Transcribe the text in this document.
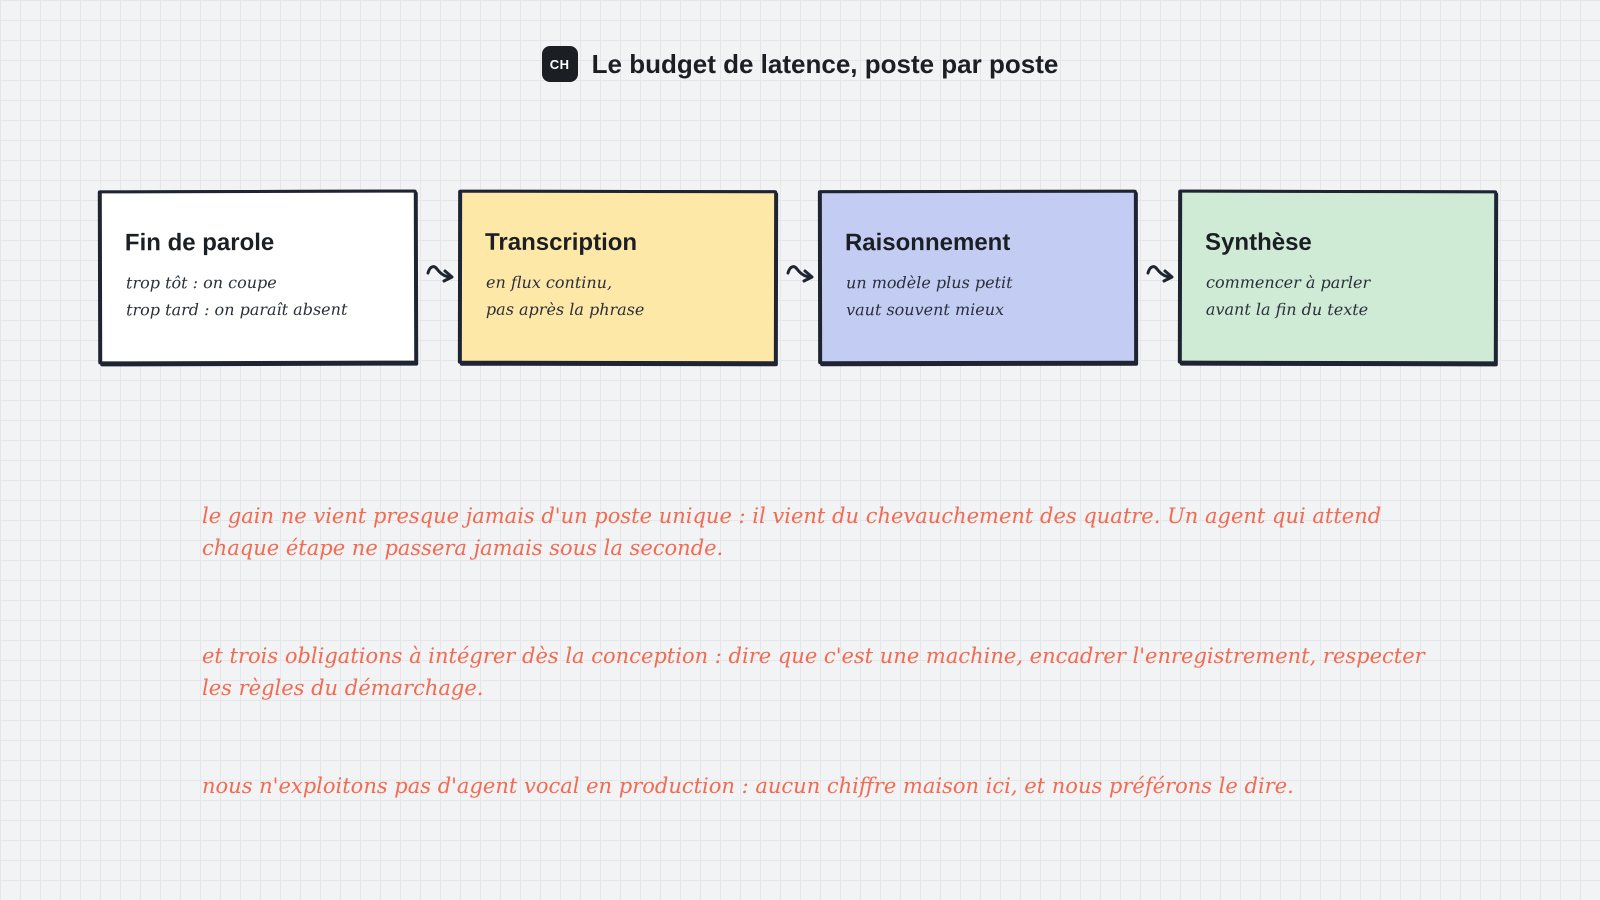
CH Le budget de latence, poste par poste
Fin de parole
trop tôt : on coupe
trop tard : on paraît absent
Transcription
en flux continu,
pas après la phrase
Raisonnement
un modèle plus petit
vaut souvent mieux
Synthèse
commencer à parler
avant la fin du texte
le gain ne vient presque jamais d'un poste unique : il vient du chevauchement des quatre. Un agent qui attend chaque étape ne passera jamais sous la seconde.
et trois obligations à intégrer dès la conception : dire que c'est une machine, encadrer l'enregistrement, respecter les règles du démarchage.
nous n'exploitons pas d'agent vocal en production : aucun chiffre maison ici, et nous préférons le dire.
